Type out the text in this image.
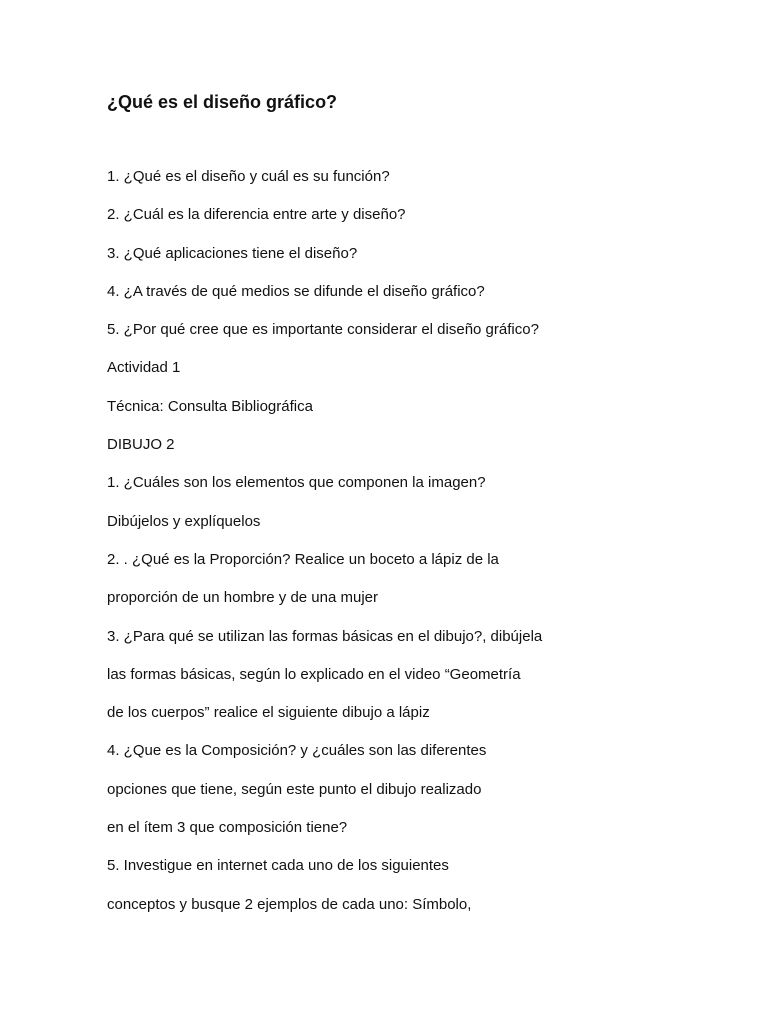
¿Qué es el diseño gráfico?
1. ¿Qué es el diseño y cuál es su función?
2. ¿Cuál es la diferencia entre arte y diseño?
3. ¿Qué aplicaciones tiene el diseño?
4. ¿A través de qué medios se difunde el diseño gráfico?
5. ¿Por qué cree que es importante considerar el diseño gráfico?
Actividad 1
Técnica: Consulta Bibliográfica
DIBUJO 2
1. ¿Cuáles son los elementos que componen la imagen?
Dibújelos y explíquelos
2. . ¿Qué es la Proporción? Realice un boceto a lápiz de la
proporción de un hombre y de una mujer
3. ¿Para qué se utilizan las formas básicas en el dibujo?, dibújela
las formas básicas, según lo explicado en el video “Geometría
de los cuerpos” realice el siguiente dibujo a lápiz
4. ¿Que es la Composición? y ¿cuáles son las diferentes
opciones que tiene, según este punto el dibujo realizado
en el ítem 3 que composición tiene?
5. Investigue en internet cada uno de los siguientes
conceptos y busque 2 ejemplos de cada uno: Símbolo,
